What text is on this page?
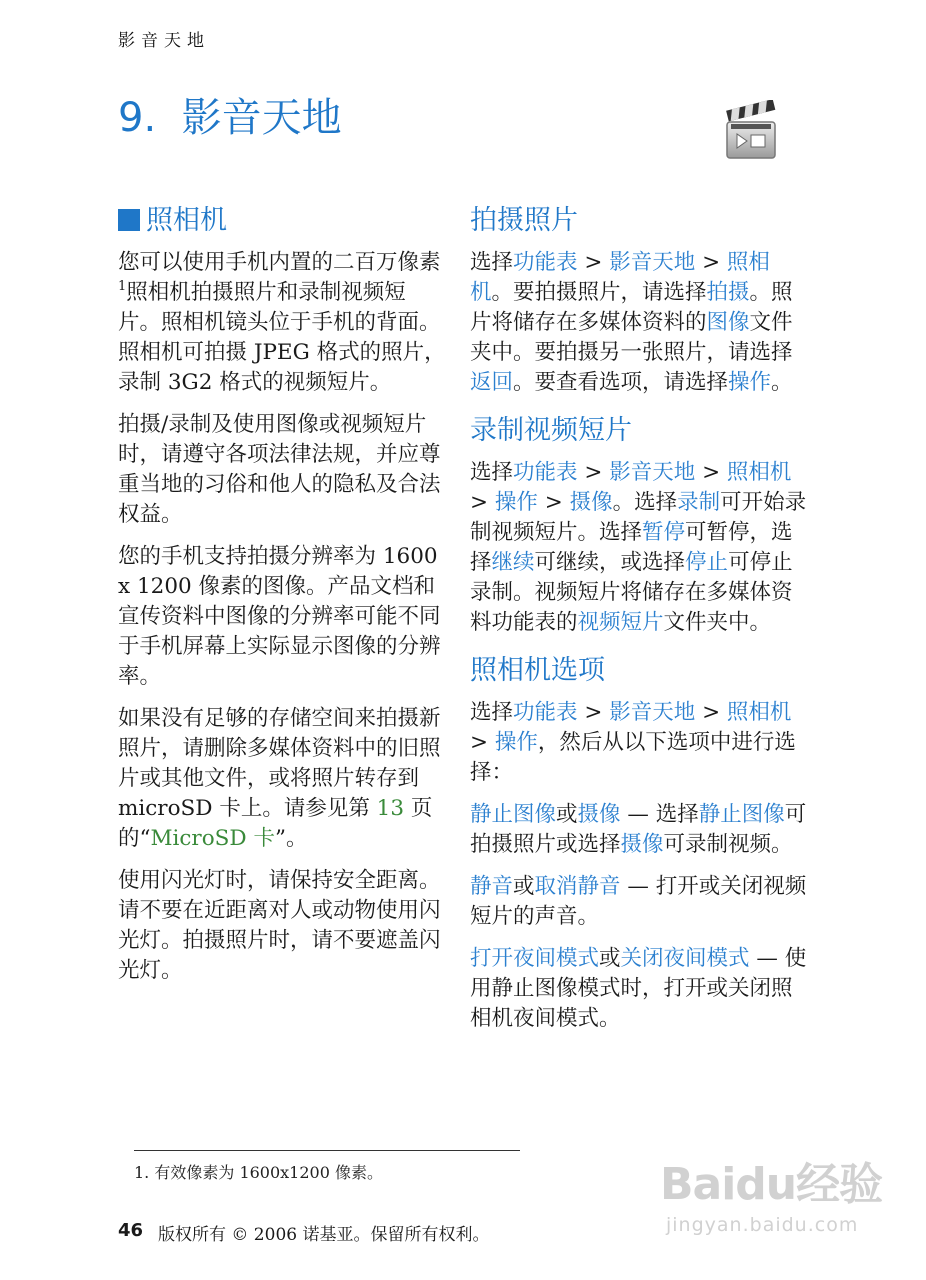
影音天地
9. 影音天地
照相机

您可以使用手机内置的二百万像素$^1$照相机拍摄照片和录制视频短片。照相机镜头位于手机的背面。照相机可拍摄 JPEG 格式的照片，录制 3G2 格式的视频短片。

拍摄/录制及使用图像或视频短片时，请遵守各项法律法规，并应尊重当地的习俗和他人的隐私及合法权益。

您的手机支持拍摄分辨率为 1600 x 1200 像素的图像。产品文档和宣传资料中图像的分辨率可能不同于手机屏幕上实际显示图像的分辨率。

如果没有足够的存储空间来拍摄新照片，请删除多媒体资料中的旧照片或其他文件，或将照片转存到 microSD 卡上。请参见第 13 页的“MicroSD 卡”。

使用闪光灯时，请保持安全距离。请不要在近距离对人或动物使用闪光灯。拍摄照片时，请不要遮盖闪光灯。

拍摄照片

选择功能表 > 影音天地 > 照相机。要拍摄照片，请选择拍摄。照片将储存在多媒体资料的图像文件夹中。要拍摄另一张照片，请选择返回。要查看选项，请选择操作。

录制视频短片

选择功能表 > 影音天地 > 照相机 > 操作 > 摄像。选择录制可开始录制视频短片。选择暂停可暂停，选择继续可继续，或选择停止可停止录制。视频短片将储存在多媒体资料功能表的视频短片文件夹中。

照相机选项

选择功能表 > 影音天地 > 照相机 > 操作，然后从以下选项中进行选择：

静止图像或摄像 — 选择静止图像可拍摄照片或选择摄像可录制视频。

静音或取消静音 — 打开或关闭视频短片的声音。

打开夜间模式或关闭夜间模式 — 使用静止图像模式时，打开或关闭照相机夜间模式。

1. 有效像素为 1600x1200 像素。
46 版权所有 © 2006 诺基亚。保留所有权利。
Baidu经验
jingyan.baidu.com
